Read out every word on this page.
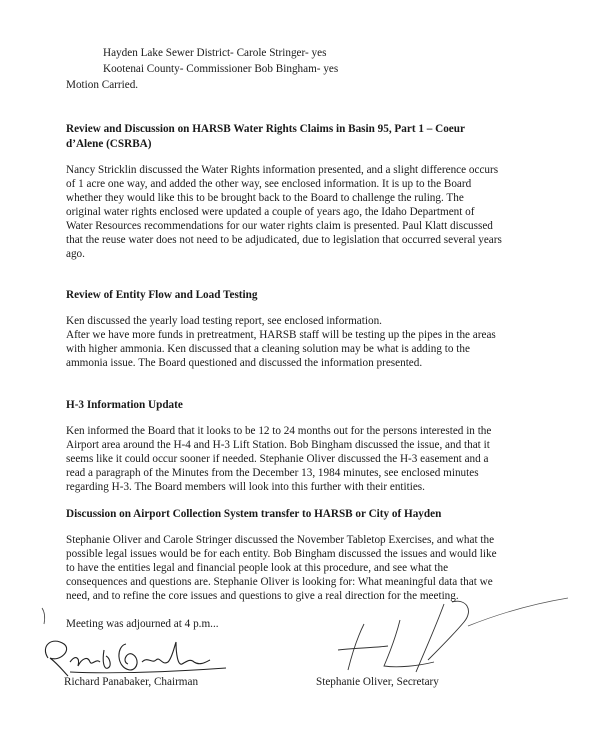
Hayden Lake Sewer District- Carole Stringer- yes
Kootenai County- Commissioner Bob Bingham- yes
Motion Carried.
Review and Discussion on HARSB Water Rights Claims in Basin 95, Part 1 – Coeur
d’Alene (CSRBA)
Nancy Stricklin discussed the Water Rights information presented, and a slight difference occurs
of 1 acre one way, and added the other way, see enclosed information. It is up to the Board
whether they would like this to be brought back to the Board to challenge the ruling. The
original water rights enclosed were updated a couple of years ago, the Idaho Department of
Water Resources recommendations for our water rights claim is presented. Paul Klatt discussed
that the reuse water does not need to be adjudicated, due to legislation that occurred several years
ago.
Review of Entity Flow and Load Testing
Ken discussed the yearly load testing report, see enclosed information.
After we have more funds in pretreatment, HARSB staff will be testing up the pipes in the areas
with higher ammonia. Ken discussed that a cleaning solution may be what is adding to the
ammonia issue. The Board questioned and discussed the information presented.
H-3 Information Update
Ken informed the Board that it looks to be 12 to 24 months out for the persons interested in the
Airport area around the H-4 and H-3 Lift Station. Bob Bingham discussed the issue, and that it
seems like it could occur sooner if needed. Stephanie Oliver discussed the H-3 easement and a
read a paragraph of the Minutes from the December 13, 1984 minutes, see enclosed minutes
regarding H-3. The Board members will look into this further with their entities.
Discussion on Airport Collection System transfer to HARSB or City of Hayden
Stephanie Oliver and Carole Stringer discussed the November Tabletop Exercises, and what the
possible legal issues would be for each entity. Bob Bingham discussed the issues and would like
to have the entities legal and financial people look at this procedure, and see what the
consequences and questions are. Stephanie Oliver is looking for: What meaningful data that we
need, and to refine the core issues and questions to give a real direction for the meeting.
Meeting was adjourned at 4 p.m...
Richard Panabaker, Chairman	Stephanie Oliver, Secretary
